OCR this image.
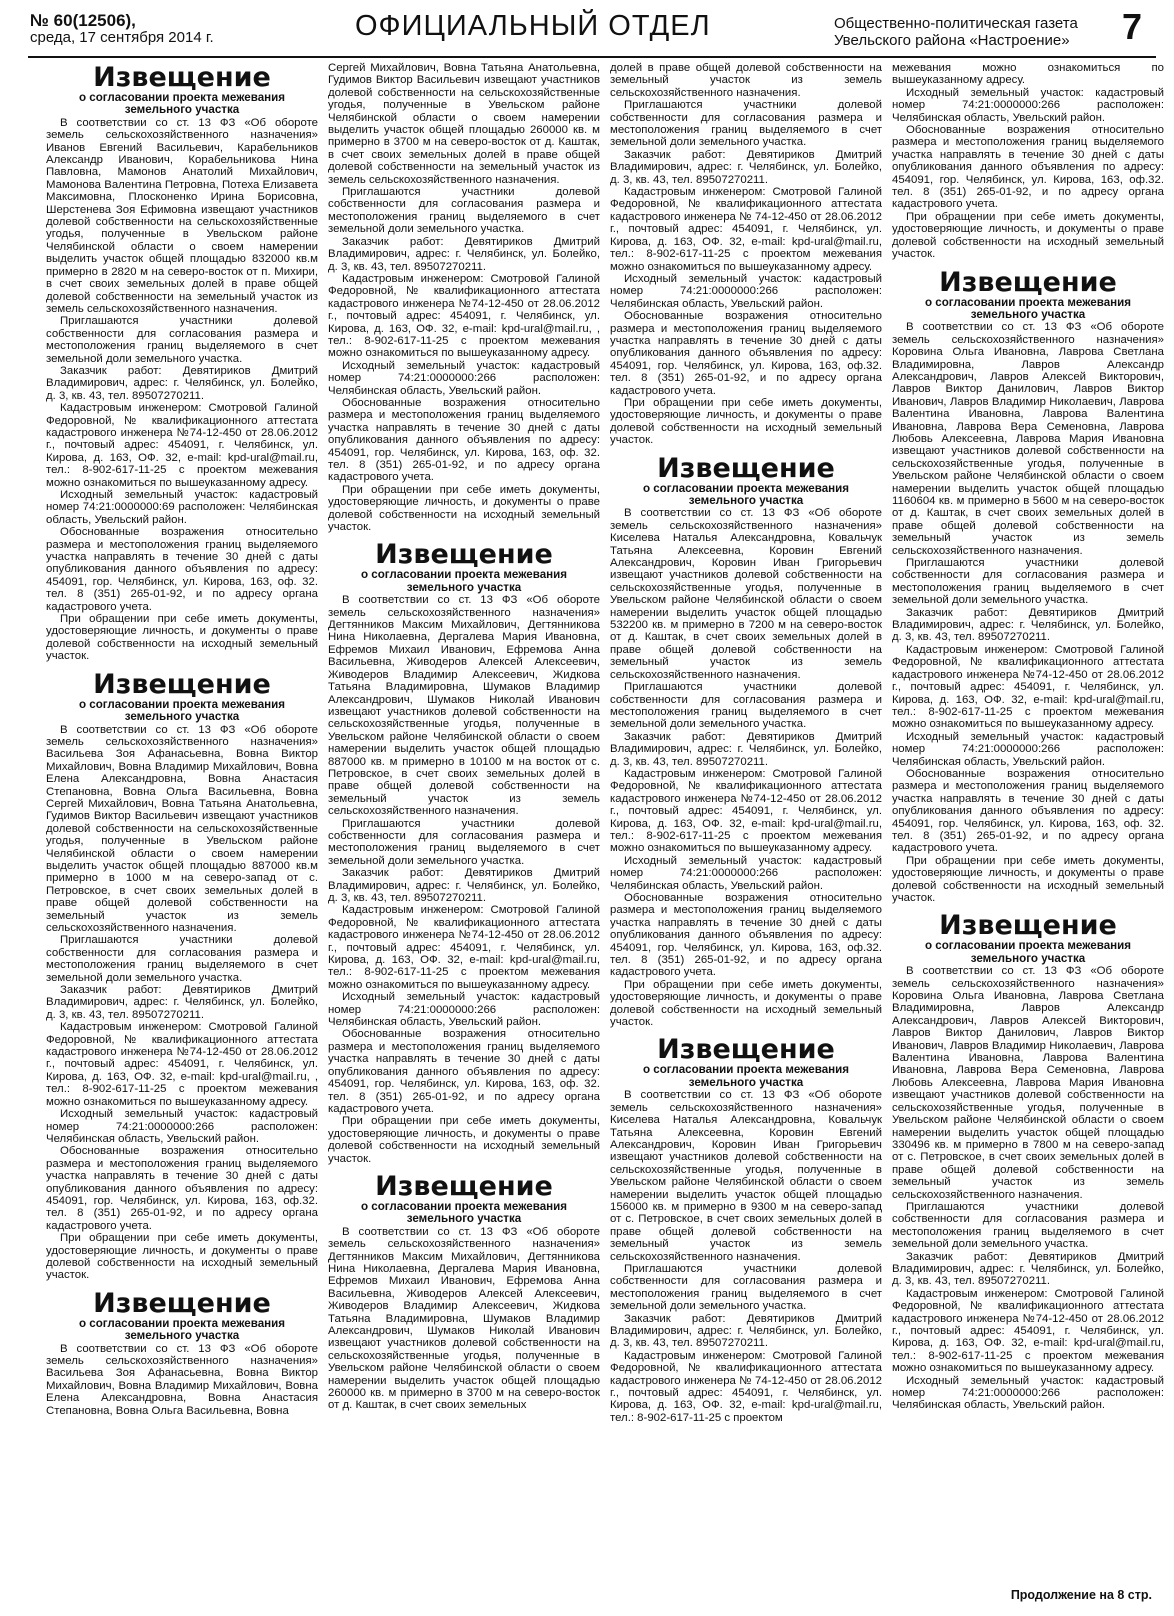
№ 60(12506),
среда, 17 сентября 2014 г.	ОФИЦИАЛЬНЫЙ ОТДЕЛ	Общественно-политическая газета
Увельского района «Настроение» 7
Извещение
о согласовании проекта межевания земельного участка
В соответствии со ст. 13 ФЗ «Об обороте земель сельскохозяйственного назначения» Иванов Евгений Васильевич, Карабельников Александр Иванович, Корабельникова Нина Павловна, Мамонов Анатолий Михайлович, Мамонова Валентина Петровна, Потеха Елизавета Максимовна, Плосконенко Ирина Борисовна, Шерстенева Зоя Ефимовна извещают участников долевой собственности на сельскохозяйственные угодья, полученные в Увельском районе Челябинской области о своем намерении выделить участок общей площадью 832000 кв.м примерно в 2820 м на северо-восток от п. Михири, в счет своих земельных долей в праве общей долевой собственности на земельный участок из земель сельскохозяйственного назначения.
Приглашаются участники долевой собственности для согласования размера и местоположения границ выделяемого в счет земельной доли земельного участка.
Заказчик работ: Девятириков Дмитрий Владимирович, адрес: г. Челябинск, ул. Болейко, д. 3, кв. 43, тел. 89507270211.
Кадастровым инженером: Смотровой Галиной Федоровной, № квалификационного аттестата кадастрового инженера №74-12-450 от 28.06.2012 г., почтовый адрес: 454091, г. Челябинск, ул. Кирова, д. 163, ОФ. 32, e-mail: kpd-ural@mail.ru, тел.: 8-902-617-11-25 с проектом межевания можно ознакомиться по вышеуказанному адресу.
Исходный земельный участок: кадастровый номер 74:21:0000000:69 расположен: Челябинская область, Увельский район.
Обоснованные возражения относительно размера и местоположения границ выделяемого участка направлять в течение 30 дней с даты опубликования данного объявления по адресу: 454091, гор. Челябинск, ул. Кирова, 163, оф. 32. тел. 8 (351) 265-01-92, и по адресу органа кадастрового учета.
При обращении при себе иметь документы, удостоверяющие личность, и документы о праве долевой собственности на исходный земельный участок.
Извещение
о согласовании проекта межевания земельного участка
В соответствии со ст. 13 ФЗ «Об обороте земель сельскохозяйственного назначения» Васильева Зоя Афанасьевна, Вовна Виктор Михайлович, Вовна Владимир Михайлович, Вовна Елена Александровна, Вовна Анастасия Степановна, Вовна Ольга Васильевна, Вовна Сергей Михайлович, Вовна Татьяна Анатольевна, Гудимов Виктор Васильевич извещают участников долевой собственности на сельскохозяйственные угодья, полученные в Увельском районе Челябинской области о своем намерении выделить участок общей площадью 887000 кв.м примерно в 1000 м на северо-запад от с. Петровское, в счет своих земельных долей в праве общей долевой собственности на земельный участок из земель сельскохозяйственного назначения.
Приглашаются участники долевой собственности для согласования размера и местоположения границ выделяемого в счет земельной доли земельного участка.
Заказчик работ: Девятириков Дмитрий Владимирович, адрес: г. Челябинск, ул. Болейко, д. 3, кв. 43, тел. 89507270211.
Кадастровым инженером: Смотровой Галиной Федоровной, № квалификационного аттестата кадастрового инженера №74-12-450 от 28.06.2012 г., почтовый адрес: 454091, г. Челябинск, ул. Кирова, д. 163, ОФ. 32, e-mail: kpd-ural@mail.ru, , тел.: 8-902-617-11-25 с проектом межевания можно ознакомиться по вышеуказанному адресу.
Исходный земельный участок: кадастровый номер 74:21:0000000:266 расположен: Челябинская область, Увельский район.
Обоснованные возражения относительно размера и местоположения границ выделяемого участка направлять в течение 30 дней с даты опубликования данного объявления по адресу: 454091, гор. Челябинск, ул. Кирова, 163, оф.32. тел. 8 (351) 265-01-92, и по адресу органа кадастрового учета.
При обращении при себе иметь документы, удостоверяющие личность, и документы о праве долевой собственности на исходный земельный участок.
Извещение
о согласовании проекта межевания земельного участка
В соответствии со ст. 13 ФЗ «Об обороте земель сельскохозяйственного назначения» Васильева Зоя Афанасьевна, Вовна Виктор Михайлович, Вовна Владимир Михайлович, Вовна Елена Александровна, Вовна Анастасия Степановна, Вовна Ольга Васильевна, Вовна
Сергей Михайлович, Вовна Татьяна Анатольевна, Гудимов Виктор Васильевич извещают участников долевой собственности на сельскохозяйственные угодья, полученные в Увельском районе Челябинской области о своем намерении выделить участок общей площадью 260000 кв. м примерно в 3700 м на северо-восток от д. Каштак, в счет своих земельных долей в праве общей долевой собственности на земельный участок из земель сельскохозяйственного назначения.
Приглашаются участники долевой собственности для согласования размера и местоположения границ выделяемого в счет земельной доли земельного участка.
Заказчик работ: Девятириков Дмитрий Владимирович, адрес: г. Челябинск, ул. Болейко, д. 3, кв. 43, тел. 89507270211.
Кадастровым инженером: Смотровой Галиной Федоровной, № квалификационного аттестата кадастрового инженера №74-12-450 от 28.06.2012 г., почтовый адрес: 454091, г. Челябинск, ул. Кирова, д. 163, ОФ. 32, e-mail: kpd-ural@mail.ru, , тел.: 8-902-617-11-25 с проектом межевания можно ознакомиться по вышеуказанному адресу.
Исходный земельный участок: кадастровый номер 74:21:0000000:266 расположен: Челябинская область, Увельский район.
Обоснованные возражения относительно размера и местоположения границ выделяемого участка направлять в течение 30 дней с даты опубликования данного объявления по адресу: 454091, гор. Челябинск, ул. Кирова, 163, оф. 32. тел. 8 (351) 265-01-92, и по адресу органа кадастрового учета.
При обращении при себе иметь документы, удостоверяющие личность, и документы о праве долевой собственности на исходный земельный участок.
Извещение
о согласовании проекта межевания земельного участка
В соответствии со ст. 13 ФЗ «Об обороте земель сельскохозяйственного назначения» Дегтянников Максим Михайлович, Дегтянникова Нина Николаевна, Дергалева Мария Ивановна, Ефремов Михаил Иванович, Ефремова Анна Васильевна, Живодеров Алексей Алексеевич, Живодеров Владимир Алексеевич, Жидкова Татьяна Владимировна, Шумаков Владимир Александрович, Шумаков Николай Иванович извещают участников долевой собственности на сельскохозяйственные угодья, полученные в Увельском районе Челябинской области о своем намерении выделить участок общей площадью 887000 кв. м примерно в 10100 м на восток от с. Петровское, в счет своих земельных долей в праве общей долевой собственности на земельный участок из земель сельскохозяйственного назначения.
Приглашаются участники долевой собственности для согласования размера и местоположения границ выделяемого в счет земельной доли земельного участка.
Заказчик работ: Девятириков Дмитрий Владимирович, адрес: г. Челябинск, ул. Болейко, д. 3, кв. 43, тел. 89507270211.
Кадастровым инженером: Смотровой Галиной Федоровной, № квалификационного аттестата кадастрового инженера №74-12-450 от 28.06.2012 г., почтовый адрес: 454091, г. Челябинск, ул. Кирова, д. 163, ОФ. 32, e-mail: kpd-ural@mail.ru, тел.: 8-902-617-11-25 с проектом межевания можно ознакомиться по вышеуказанному адресу.
Исходный земельный участок: кадастровый номер 74:21:0000000:266 расположен: Челябинская область, Увельский район.
Обоснованные возражения относительно размера и местоположения границ выделяемого участка направлять в течение 30 дней с даты опубликования данного объявления по адресу: 454091, гор. Челябинск, ул. Кирова, 163, оф. 32. тел. 8 (351) 265-01-92, и по адресу органа кадастрового учета.
При обращении при себе иметь документы, удостоверяющие личность, и документы о праве долевой собственности на исходный земельный участок.
Извещение
о согласовании проекта межевания земельного участка
В соответствии со ст. 13 ФЗ «Об обороте земель сельскохозяйственного назначения» Дегтянников Максим Михайлович, Дегтянникова Нина Николаевна, Дергалева Мария Ивановна, Ефремов Михаил Иванович, Ефремова Анна Васильевна, Живодеров Алексей Алексеевич, Живодеров Владимир Алексеевич, Жидкова Татьяна Владимировна, Шумаков Владимир Александрович, Шумаков Николай Иванович извещают участников долевой собственности на сельскохозяйственные угодья, полученные в Увельском районе Челябинской области о своем намерении выделить участок общей площадью 260000 кв. м примерно в 3700 м на северо-восток от д. Каштак, в счет своих земельных
долей в праве общей долевой собственности на земельный участок из земель сельскохозяйственного назначения.
Приглашаются участники долевой собственности для согласования размера и местоположения границ выделяемого в счет земельной доли земельного участка.
Заказчик работ: Девятириков Дмитрий Владимирович, адрес: г. Челябинск, ул. Болейко, д. 3, кв. 43, тел. 89507270211.
Кадастровым инженером: Смотровой Галиной Федоровной, № квалификационного аттестата кадастрового инженера № 74-12-450 от 28.06.2012 г., почтовый адрес: 454091, г. Челябинск, ул. Кирова, д. 163, ОФ. 32, e-mail: kpd-ural@mail.ru, тел.: 8-902-617-11-25 с проектом межевания можно ознакомиться по вышеуказанному адресу.
Исходный земельный участок: кадастровый номер 74:21:0000000:266 расположен: Челябинская область, Увельский район.
Обоснованные возражения относительно размера и местоположения границ выделяемого участка направлять в течение 30 дней с даты опубликования данного объявления по адресу: 454091, гор. Челябинск, ул. Кирова, 163, оф.32. тел. 8 (351) 265-01-92, и по адресу органа кадастрового учета.
При обращении при себе иметь документы, удостоверяющие личность, и документы о праве долевой собственности на исходный земельный участок.
Извещение
о согласовании проекта межевания земельного участка
В соответствии со ст. 13 ФЗ «Об обороте земель сельскохозяйственного назначения» Киселева Наталья Александровна, Ковальчук Татьяна Алексеевна, Коровин Евгений Александрович, Коровин Иван Григорьевич извещают участников долевой собственности на сельскохозяйственные угодья, полученные в Увельском районе Челябинской области о своем намерении выделить участок общей площадью 532200 кв. м примерно в 7200 м на северо-восток от д. Каштак, в счет своих земельных долей в праве общей долевой собственности на земельный участок из земель сельскохозяйственного назначения.
Приглашаются участники долевой собственности для согласования размера и местоположения границ выделяемого в счет земельной доли земельного участка.
Заказчик работ: Девятириков Дмитрий Владимирович, адрес: г. Челябинск, ул. Болейко, д. 3, кв. 43, тел. 89507270211.
Кадастровым инженером: Смотровой Галиной Федоровной, № квалификационного аттестата кадастрового инженера №74-12-450 от 28.06.2012 г., почтовый адрес: 454091, г. Челябинск, ул. Кирова, д. 163, ОФ. 32, e-mail: kpd-ural@mail.ru, тел.: 8-902-617-11-25 с проектом межевания можно ознакомиться по вышеуказанному адресу.
Исходный земельный участок: кадастровый номер 74:21:0000000:266 расположен: Челябинская область, Увельский район.
Обоснованные возражения относительно размера и местоположения границ выделяемого участка направлять в течение 30 дней с даты опубликования данного объявления по адресу: 454091, гор. Челябинск, ул. Кирова, 163, оф.32. тел. 8 (351) 265-01-92, и по адресу органа кадастрового учета.
При обращении при себе иметь документы, удостоверяющие личность, и документы о праве долевой собственности на исходный земельный участок.
Извещение
о согласовании проекта межевания земельного участка
В соответствии со ст. 13 ФЗ «Об обороте земель сельскохозяйственного назначения» Киселева Наталья Александровна, Ковальчук Татьяна Алексеевна, Коровин Евгений Александрович, Коровин Иван Григорьевич извещают участников долевой собственности на сельскохозяйственные угодья, полученные в Увельском районе Челябинской области о своем намерении выделить участок общей площадью 156000 кв. м примерно в 9300 м на северо-запад от с. Петровское, в счет своих земельных долей в праве общей долевой собственности на земельный участок из земель сельскохозяйственного назначения.
Приглашаются участники долевой собственности для согласования размера и местоположения границ выделяемого в счет земельной доли земельного участка.
Заказчик работ: Девятириков Дмитрий Владимирович, адрес: г. Челябинск, ул. Болейко, д. 3, кв. 43, тел. 89507270211.
Кадастровым инженером: Смотровой Галиной Федоровной, № квалификационного аттестата кадастрового инженера № 74-12-450 от 28.06.2012 г., почтовый адрес: 454091, г. Челябинск, ул. Кирова, д. 163, ОФ. 32, e-mail: kpd-ural@mail.ru, тел.: 8-902-617-11-25 с проектом
межевания можно ознакомиться по вышеуказанному адресу.
Исходный земельный участок: кадастровый номер 74:21:0000000:266 расположен: Челябинская область, Увельский район.
Обоснованные возражения относительно размера и местоположения границ выделяемого участка направлять в течение 30 дней с даты опубликования данного объявления по адресу: 454091, гор. Челябинск, ул. Кирова, 163, оф.32. тел. 8 (351) 265-01-92, и по адресу органа кадастрового учета.
При обращении при себе иметь документы, удостоверяющие личность, и документы о праве долевой собственности на исходный земельный участок.
Извещение
о согласовании проекта межевания земельного участка
В соответствии со ст. 13 ФЗ «Об обороте земель сельскохозяйственного назначения» Коровина Ольга Ивановна, Лаврова Светлана Владимировна, Лавров Александр Александрович, Лавров Алексей Викторович, Лавров Виктор Данилович, Лавров Виктор Иванович, Лавров Владимир Николаевич, Лаврова Валентина Ивановна, Лаврова Валентина Ивановна, Лаврова Вера Семеновна, Лаврова Любовь Алексеевна, Лаврова Мария Ивановна извещают участников долевой собственности на сельскохозяйственные угодья, полученные в Увельском районе Челябинской области о своем намерении выделить участок общей площадью 1160604 кв. м примерно в 5600 м на северо-восток от д. Каштак, в счет своих земельных долей в праве общей долевой собственности на земельный участок из земель сельскохозяйственного назначения.
Приглашаются участники долевой собственности для согласования размера и местоположения границ выделяемого в счет земельной доли земельного участка.
Заказчик работ: Девятириков Дмитрий Владимирович, адрес: г. Челябинск, ул. Болейко, д. 3, кв. 43, тел. 89507270211.
Кадастровым инженером: Смотровой Галиной Федоровной, № квалификационного аттестата кадастрового инженера №74-12-450 от 28.06.2012 г., почтовый адрес: 454091, г. Челябинск, ул. Кирова, д. 163, ОФ. 32, e-mail: kpd-ural@mail.ru, тел.: 8-902-617-11-25 с проектом межевания можно ознакомиться по вышеуказанному адресу.
Исходный земельный участок: кадастровый номер 74:21:0000000:266 расположен: Челябинская область, Увельский район.
Обоснованные возражения относительно размера и местоположения границ выделяемого участка направлять в течение 30 дней с даты опубликования данного объявления по адресу: 454091, гор. Челябинск, ул. Кирова, 163, оф. 32. тел. 8 (351) 265-01-92, и по адресу органа кадастрового учета.
При обращении при себе иметь документы, удостоверяющие личность, и документы о праве долевой собственности на исходный земельный участок.
Извещение
о согласовании проекта межевания земельного участка
В соответствии со ст. 13 ФЗ «Об обороте земель сельскохозяйственного назначения» Коровина Ольга Ивановна, Лаврова Светлана Владимировна, Лавров Александр Александрович, Лавров Алексей Викторович, Лавров Виктор Данилович, Лавров Виктор Иванович, Лавров Владимир Николаевич, Лаврова Валентина Ивановна, Лаврова Валентина Ивановна, Лаврова Вера Семеновна, Лаврова Любовь Алексеевна, Лаврова Мария Ивановна извещают участников долевой собственности на сельскохозяйственные угодья, полученные в Увельском районе Челябинской области о своем намерении выделить участок общей площадью 330496 кв. м примерно в 7800 м на северо-запад от с. Петровское, в счет своих земельных долей в праве общей долевой собственности на земельный участок из земель сельскохозяйственного назначения.
Приглашаются участники долевой собственности для согласования размера и местоположения границ выделяемого в счет земельной доли земельного участка.
Заказчик работ: Девятириков Дмитрий Владимирович, адрес: г. Челябинск, ул. Болейко, д. 3, кв. 43, тел. 89507270211.
Кадастровым инженером: Смотровой Галиной Федоровной, № квалификационного аттестата кадастрового инженера №74-12-450 от 28.06.2012 г., почтовый адрес: 454091, г. Челябинск, ул. Кирова, д. 163, ОФ. 32, e-mail: kpd-ural@mail.ru, тел.: 8-902-617-11-25 с проектом межевания можно ознакомиться по вышеуказанному адресу.
Исходный земельный участок: кадастровый номер 74:21:0000000:266 расположен: Челябинская область, Увельский район.
Продолжение на 8 стр.
